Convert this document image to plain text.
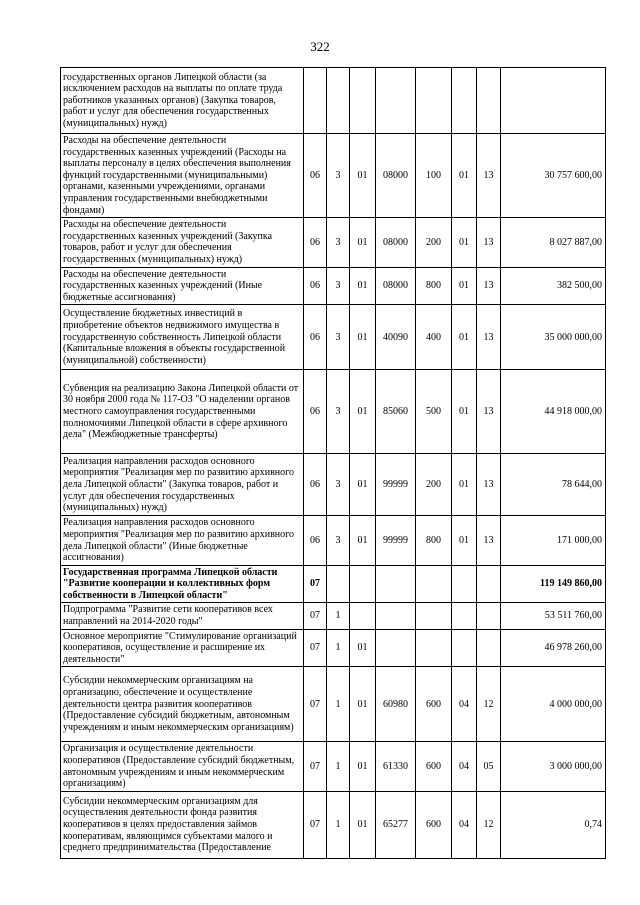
322
государственных органов Липецкой области (за исключением расходов на выплаты по оплате труда работников указанных органов) (Закупка товаров, работ и услуг для обеспечения государственных (муниципальных) нужд)								
Расходы на обеспечение деятельности государственных казенных учреждений (Расходы на выплаты персоналу в целях обеспечения выполнения функций государственными (муниципальными) органами, казенными учреждениями, органами управления государственными внебюджетными фондами)	06	3	01	08000	100	01	13	30 757 600,00
Расходы на обеспечение деятельности государственных казенных учреждений (Закупка товаров, работ и услуг для обеспечения государственных (муниципальных) нужд)	06	3	01	08000	200	01	13	8 027 887,00
Расходы на обеспечение деятельности государственных казенных учреждений (Иные бюджетные ассигнования)	06	3	01	08000	800	01	13	382 500,00
Осуществление бюджетных инвестиций в приобретение объектов недвижимого имущества в государственную собственность Липецкой области (Капитальные вложения в объекты государственной (муниципальной) собственности)	06	3	01	40090	400	01	13	35 000 000,00
Субвенция на реализацию Закона Липецкой области от 30 ноября 2000 года № 117-ОЗ "О наделении органов местного самоуправления государственными полномочиями Липецкой области в сфере архивного дела" (Межбюджетные трансферты)	06	3	01	85060	500	01	13	44 918 000,00
Реализация направления расходов основного мероприятия "Реализация мер по развитию архивного дела Липецкой области" (Закупка товаров, работ и услуг для обеспечения государственных (муниципальных) нужд)	06	3	01	99999	200	01	13	78 644,00
Реализация направления расходов основного мероприятия "Реализация мер по развитию архивного дела Липецкой области" (Иные бюджетные ассигнования)	06	3	01	99999	800	01	13	171 000,00
Государственная программа Липецкой области "Развитие кооперации и коллективных форм собственности в Липецкой области"	07							119 149 860,00
Подпрограмма "Развитие сети кооперативов всех направлений на 2014-2020 годы"	07	1						53 511 760,00
Основное мероприятие "Стимулирование организаций кооперативов, осуществление и расширение их деятельности"	07	1	01					46 978 260,00
Субсидии некоммерческим организациям на организацию, обеспечение и осуществление деятельности центра развития кооперативов (Предоставление субсидий бюджетным, автономным учреждениям и иным некоммерческим организациям)	07	1	01	60980	600	04	12	4 000 000,00
Организация и осуществление деятельности кооперативов (Предоставление субсидий бюджетным, автономным учреждениям и иным некоммерческим организациям)	07	1	01	61330	600	04	05	3 000 000,00
Субсидии некоммерческим организациям для осуществления деятельности фонда развития кооперативов в целях предоставления займов кооперативам, являющимся субъектами малого и среднего предпринимательства (Предоставление	07	1	01	65277	600	04	12	0,74
